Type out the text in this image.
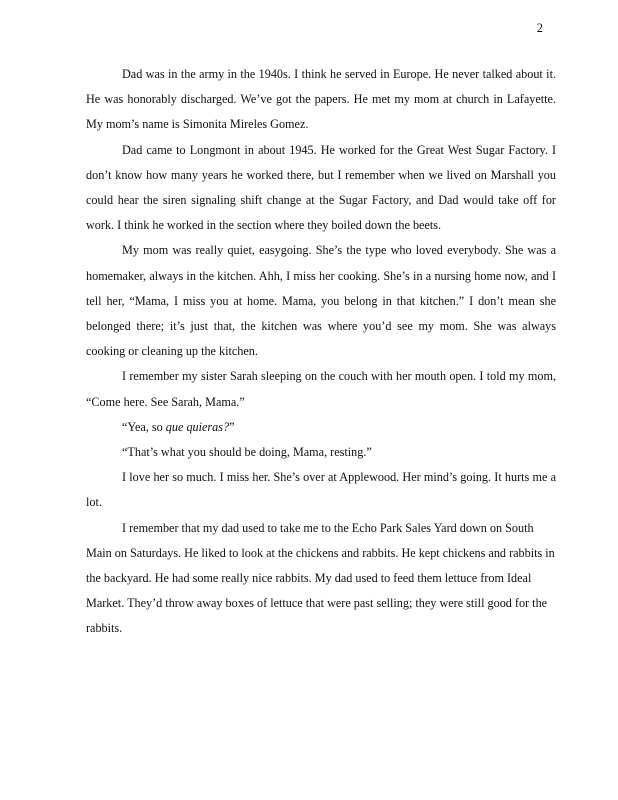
2

Dad was in the army in the 1940s. I think he served in Europe. He never talked about it. He was honorably discharged. We’ve got the papers. He met my mom at church in Lafayette. My mom’s name is Simonita Mireles Gomez.

Dad came to Longmont in about 1945. He worked for the Great West Sugar Factory. I don’t know how many years he worked there, but I remember when we lived on Marshall you could hear the siren signaling shift change at the Sugar Factory, and Dad would take off for work. I think he worked in the section where they boiled down the beets.

My mom was really quiet, easygoing. She’s the type who loved everybody. She was a homemaker, always in the kitchen. Ahh, I miss her cooking. She’s in a nursing home now, and I tell her, “Mama, I miss you at home. Mama, you belong in that kitchen.” I don’t mean she belonged there; it’s just that, the kitchen was where you’d see my mom. She was always cooking or cleaning up the kitchen.

I remember my sister Sarah sleeping on the couch with her mouth open. I told my mom, “Come here. See Sarah, Mama.”

“Yea, so que quieras?”

“That’s what you should be doing, Mama, resting.”

I love her so much. I miss her. She’s over at Applewood. Her mind’s going. It hurts me a lot.

I remember that my dad used to take me to the Echo Park Sales Yard down on South Main on Saturdays. He liked to look at the chickens and rabbits. He kept chickens and rabbits in the backyard. He had some really nice rabbits. My dad used to feed them lettuce from Ideal Market. They’d throw away boxes of lettuce that were past selling; they were still good for the rabbits.
